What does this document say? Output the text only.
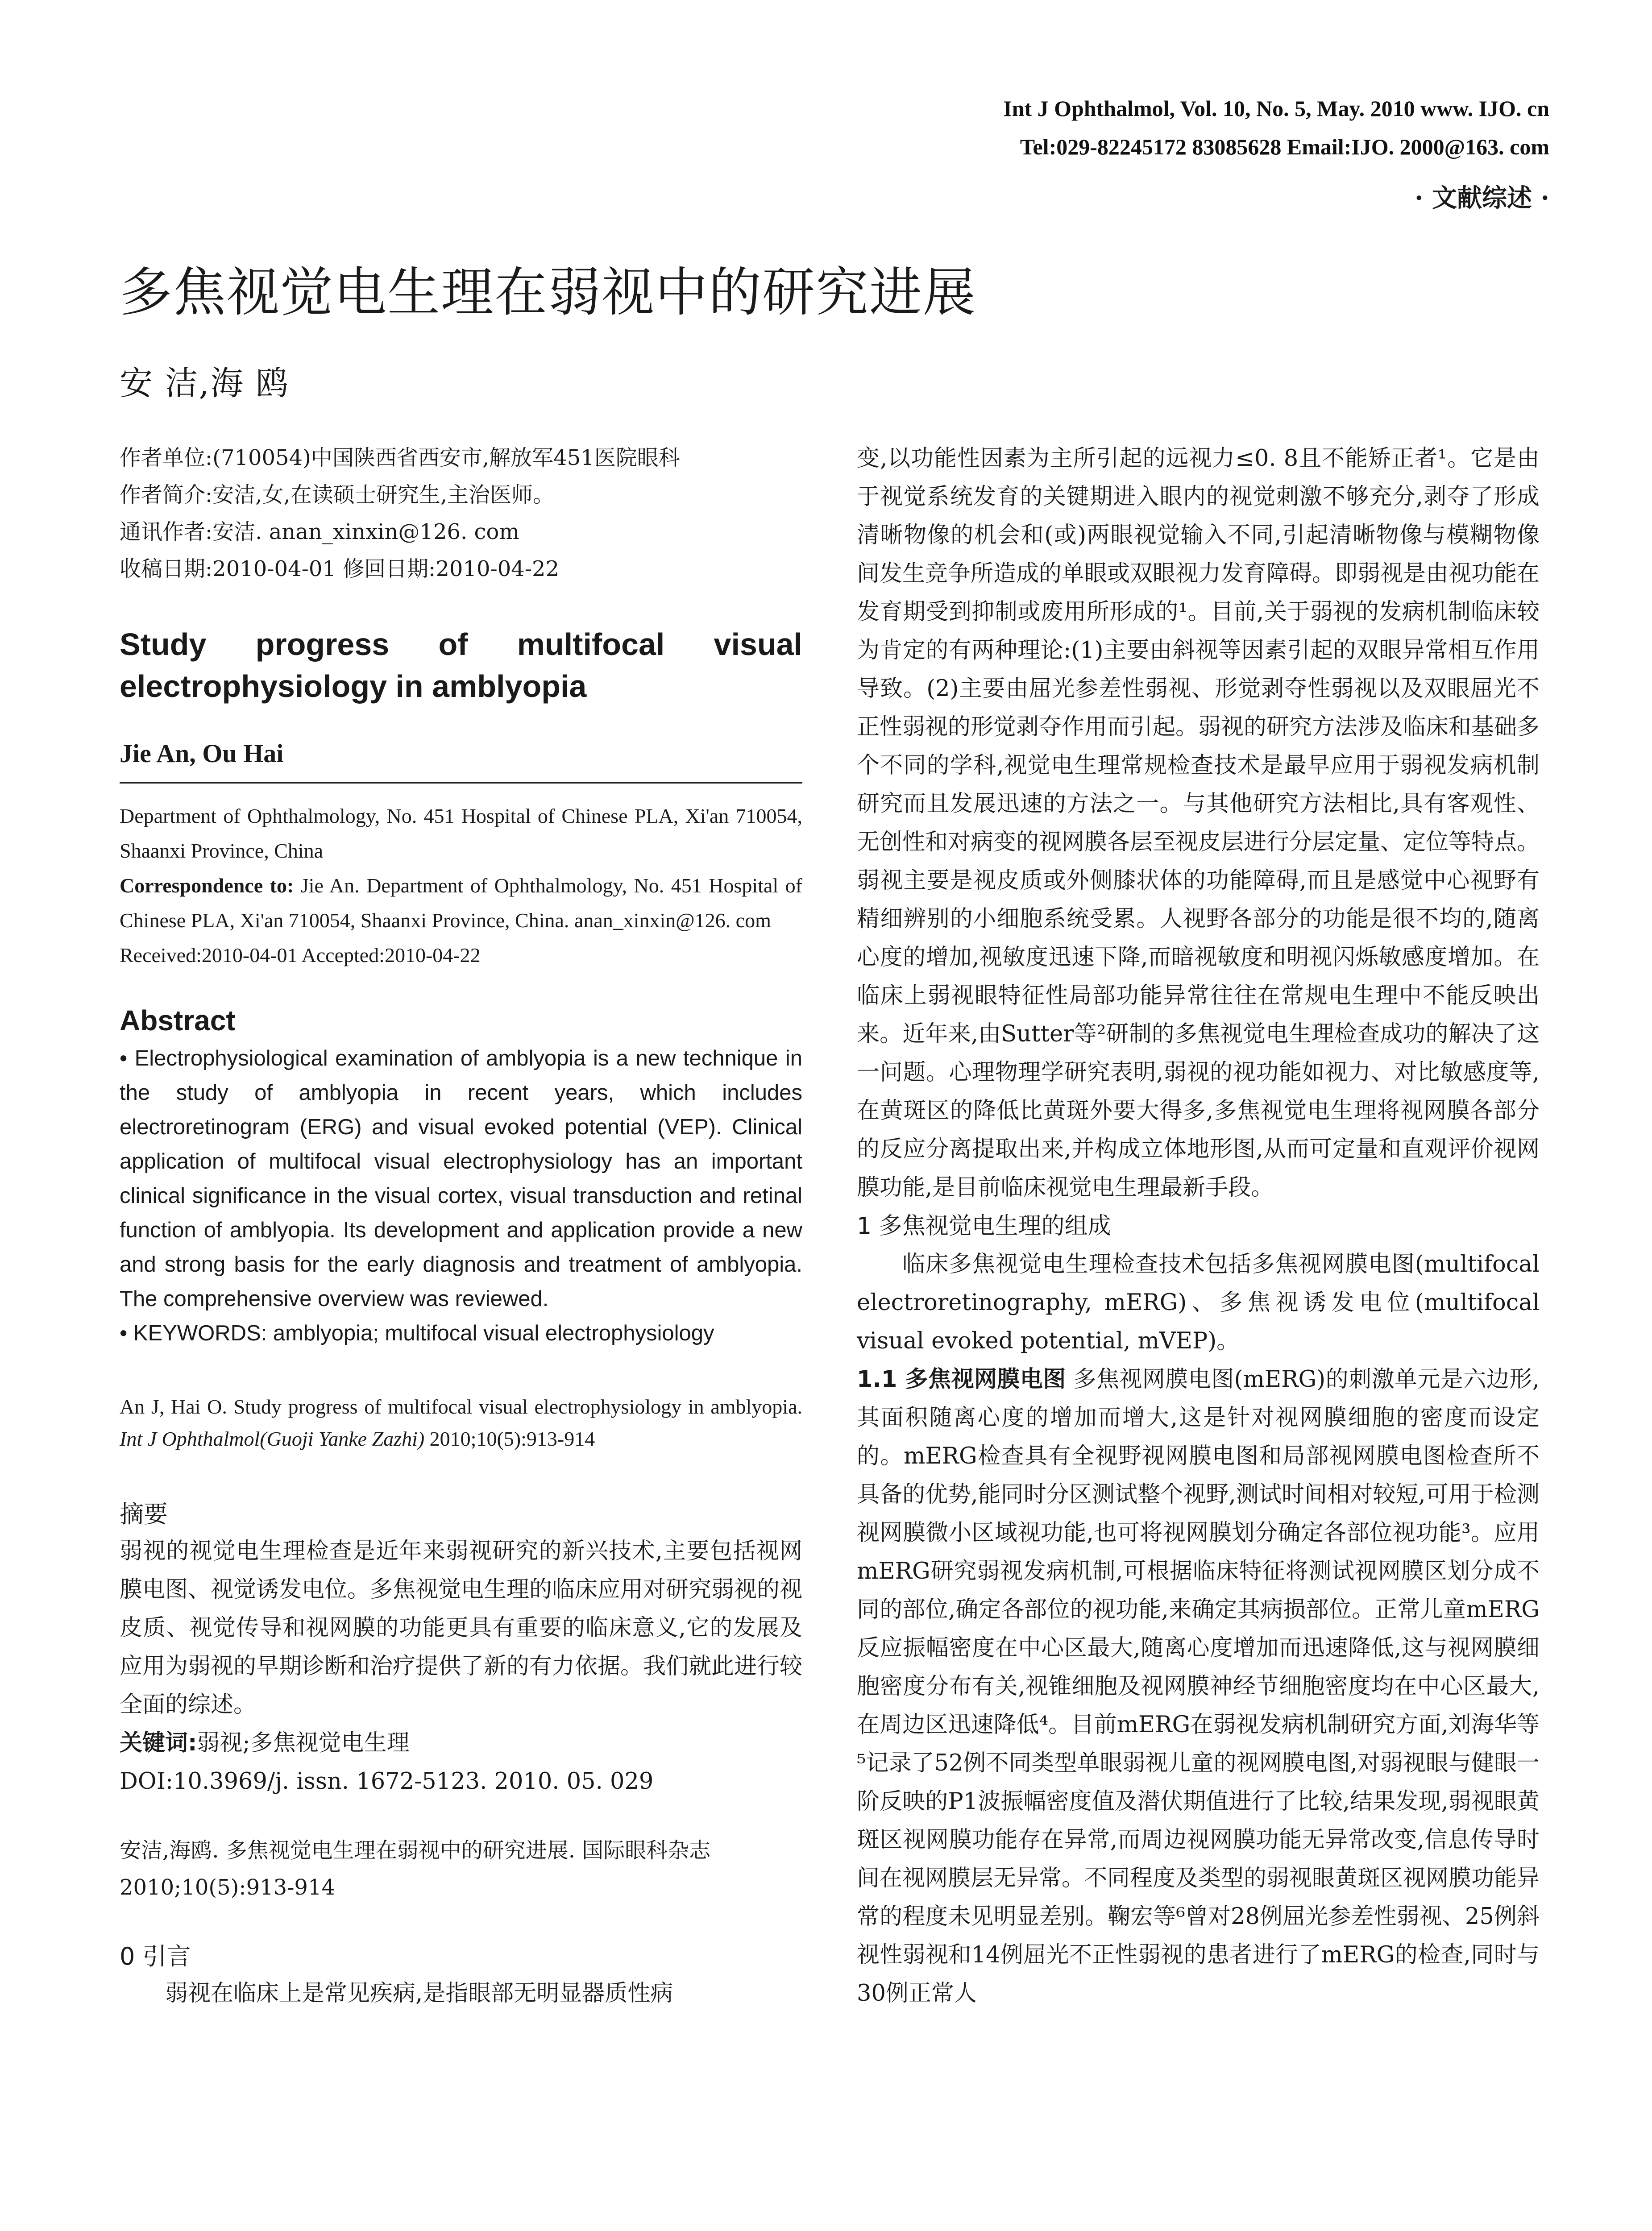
Int J Ophthalmol, Vol. 10, No. 5, May. 2010 www. IJO. cn
Tel:029-82245172 83085628 Email:IJO. 2000@163. com
· 文献综述 ·
多焦视觉电生理在弱视中的研究进展
安 洁,海 鸥

作者单位:(710054)中国陕西省西安市,解放军451医院眼科

作者简介:安洁,女,在读硕士研究生,主治医师。

通讯作者:安洁. anan_xinxin@126. com

收稿日期:2010-04-01 修回日期:2010-04-22

Study progress of multifocal visual

electrophysiology in amblyopia

Jie An, Ou Hai

Department of Ophthalmology, No. 451 Hospital of Chinese PLA, Xi'an 710054, Shaanxi Province, China

Correspondence to: Jie An. Department of Ophthalmology, No. 451 Hospital of Chinese PLA, Xi'an 710054, Shaanxi Province, China. anan_xinxin@126. com

Received:2010-04-01 Accepted:2010-04-22

Abstract

• Electrophysiological examination of amblyopia is a new technique in the study of amblyopia in recent years, which includes electroretinogram (ERG) and visual evoked potential (VEP). Clinical application of multifocal visual electrophysiology has an important clinical significance in the visual cortex, visual transduction and retinal function of amblyopia. Its development and application provide a new and strong basis for the early diagnosis and treatment of amblyopia. The comprehensive overview was reviewed.

• KEYWORDS: amblyopia; multifocal visual electrophysiology

An J, Hai O. Study progress of multifocal visual electrophysiology in amblyopia. Int J Ophthalmol(Guoji Yanke Zazhi) 2010;10(5):913-914

摘要

弱视的视觉电生理检查是近年来弱视研究的新兴技术,主要包括视网膜电图、视觉诱发电位。多焦视觉电生理的临床应用对研究弱视的视皮质、视觉传导和视网膜的功能更具有重要的临床意义,它的发展及应用为弱视的早期诊断和治疗提供了新的有力依据。我们就此进行较全面的综述。

关键词:弱视;多焦视觉电生理

DOI:10.3969/j. issn. 1672-5123. 2010. 05. 029

安洁,海鸥. 多焦视觉电生理在弱视中的研究进展. 国际眼科杂志 2010;10(5):913-914

0 引言

弱视在临床上是常见疾病,是指眼部无明显器质性病

变,以功能性因素为主所引起的远视力≤0. 8且不能矫正者¹。它是由于视觉系统发育的关键期进入眼内的视觉刺激不够充分,剥夺了形成清晰物像的机会和(或)两眼视觉输入不同,引起清晰物像与模糊物像间发生竞争所造成的单眼或双眼视力发育障碍。即弱视是由视功能在发育期受到抑制或废用所形成的¹。目前,关于弱视的发病机制临床较为肯定的有两种理论:(1)主要由斜视等因素引起的双眼异常相互作用导致。(2)主要由屈光参差性弱视、形觉剥夺性弱视以及双眼屈光不正性弱视的形觉剥夺作用而引起。弱视的研究方法涉及临床和基础多个不同的学科,视觉电生理常规检查技术是最早应用于弱视发病机制研究而且发展迅速的方法之一。与其他研究方法相比,具有客观性、无创性和对病变的视网膜各层至视皮层进行分层定量、定位等特点。弱视主要是视皮质或外侧膝状体的功能障碍,而且是感觉中心视野有精细辨别的小细胞系统受累。人视野各部分的功能是很不均的,随离心度的增加,视敏度迅速下降,而暗视敏度和明视闪烁敏感度增加。在临床上弱视眼特征性局部功能异常往往在常规电生理中不能反映出来。近年来,由Sutter等²研制的多焦视觉电生理检查成功的解决了这一问题。心理物理学研究表明,弱视的视功能如视力、对比敏感度等,在黄斑区的降低比黄斑外要大得多,多焦视觉电生理将视网膜各部分的反应分离提取出来,并构成立体地形图,从而可定量和直观评价视网膜功能,是目前临床视觉电生理最新手段。

1 多焦视觉电生理的组成

临床多焦视觉电生理检查技术包括多焦视网膜电图(multifocal electroretinography, mERG)、多焦视诱发电位(multifocal visual evoked potential, mVEP)。

1.1 多焦视网膜电图 多焦视网膜电图(mERG)的刺激单元是六边形,其面积随离心度的增加而增大,这是针对视网膜细胞的密度而设定的。mERG检查具有全视野视网膜电图和局部视网膜电图检查所不具备的优势,能同时分区测试整个视野,测试时间相对较短,可用于检测视网膜微小区域视功能,也可将视网膜划分确定各部位视功能³。应用mERG研究弱视发病机制,可根据临床特征将测试视网膜区划分成不同的部位,确定各部位的视功能,来确定其病损部位。正常儿童mERG反应振幅密度在中心区最大,随离心度增加而迅速降低,这与视网膜细胞密度分布有关,视锥细胞及视网膜神经节细胞密度均在中心区最大,在周边区迅速降低⁴。目前mERG在弱视发病机制研究方面,刘海华等⁵记录了52例不同类型单眼弱视儿童的视网膜电图,对弱视眼与健眼一阶反映的P1波振幅密度值及潜伏期值进行了比较,结果发现,弱视眼黄斑区视网膜功能存在异常,而周边视网膜功能无异常改变,信息传导时间在视网膜层无异常。不同程度及类型的弱视眼黄斑区视网膜功能异常的程度未见明显差别。鞠宏等⁶曾对28例屈光参差性弱视、25例斜视性弱视和14例屈光不正性弱视的患者进行了mERG的检查,同时与30例正常人
